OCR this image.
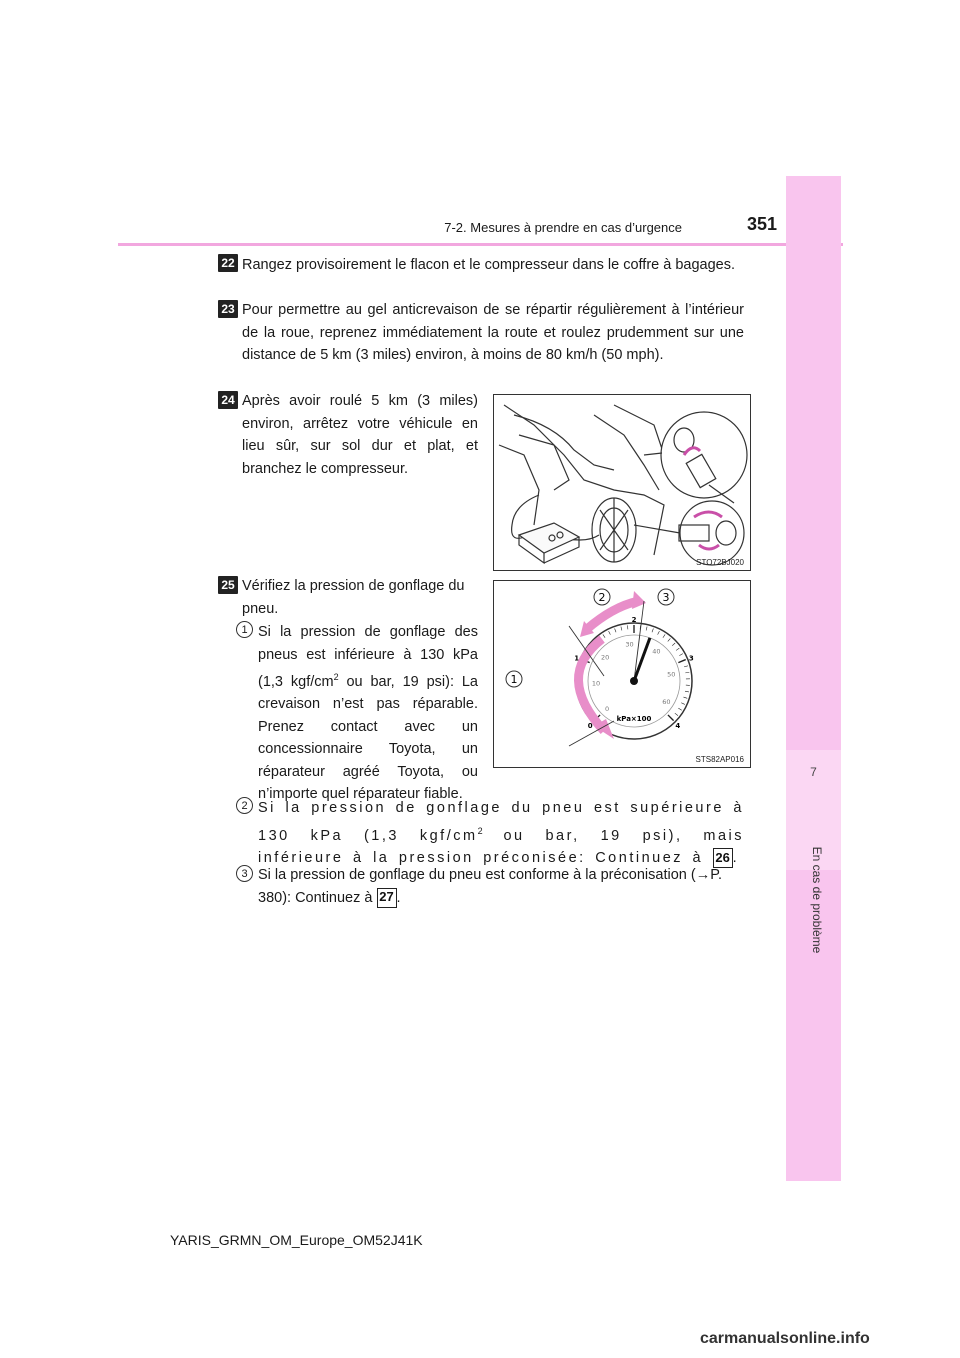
7-2. Mesures à prendre en cas d’urgence	351
7
En cas de problème
22 Rangez provisoirement le flacon et le compresseur dans le coffre à bagages.
23 Pour permettre au gel anticrevaison de se répartir régulièrement à l’intérieur de la roue, reprenez immédiatement la route et roulez prudemment sur une distance de 5 km (3 miles) environ, à moins de 80 km/h (50 mph).
24 Après avoir roulé 5 km (3 miles) environ, arrêtez votre véhicule en lieu sûr, sur sol dur et plat, et branchez le compresseur.
STO72BJ020
25 Vérifiez la pression de gonflage du pneu.
0
1
2
3
4
0
10
20
30
40
50
60
1
2	3
kPa×100
STS82AP016
1 Si la pression de gonflage des pneus est inférieure à 130 kPa (1,3 kgf/$cm^2$ ou bar, 19 psi): La crevaison n’est pas réparable. Prenez contact avec un concessionnaire Toyota, un réparateur agréé Toyota, ou n’importe quel réparateur fiable.
2 Si la pression de gonflage du pneu est supérieure à 130 kPa (1,3 kgf/$cm^2$ ou bar, 19 psi), mais inférieure à la pression préconisée: Continuez à 26 .
3 Si la pression de gonflage du pneu est conforme à la préconisation (→P. 380): Continuez à 27 .
YARIS_GRMN_OM_Europe_OM52J41K
carmanualsonline.info
